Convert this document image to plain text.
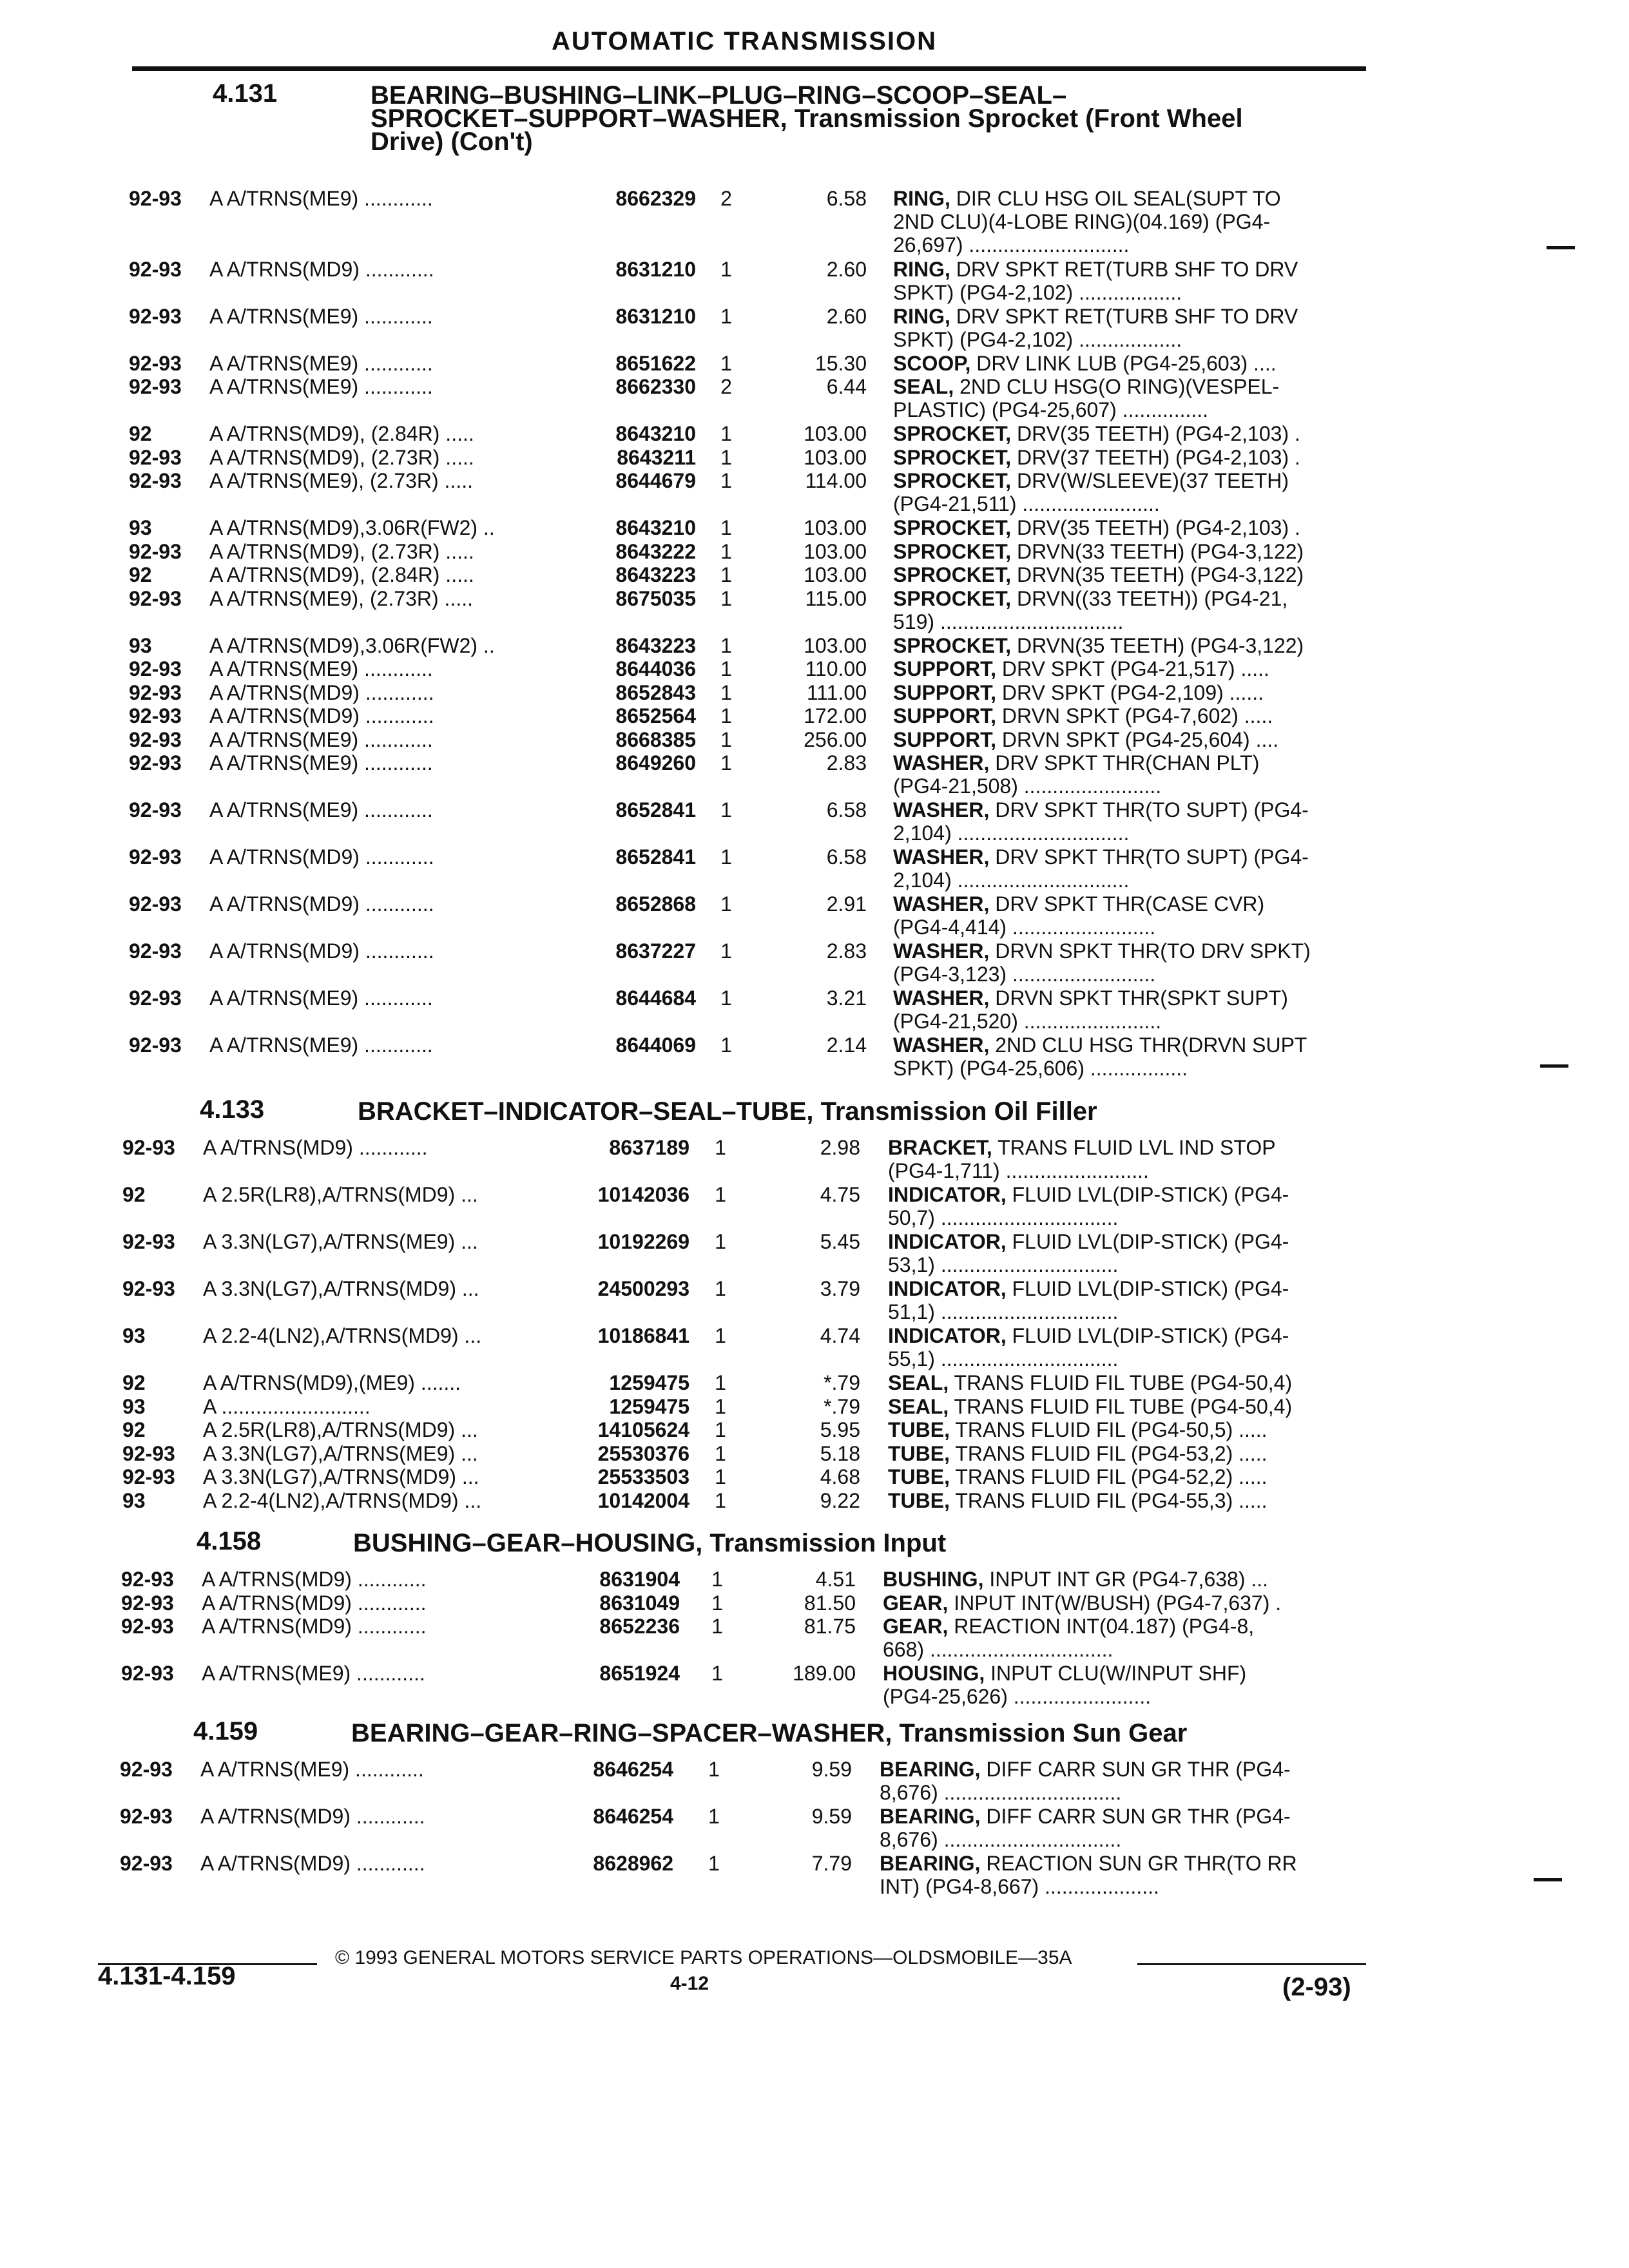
AUTOMATIC TRANSMISSION
4.131	BEARING–BUSHING–LINK–PLUG–RING–SCOOP–SEAL–
SPROCKET–SUPPORT–WASHER, Transmission Sprocket (Front Wheel
Drive) (Con't)
92-93 A A/TRNS(ME9) ............	8662329	2	6.58 RING, DIR CLU HSG OIL SEAL(SUPT TO
2ND CLU)(4-LOBE RING)(04.169) (PG4-
26,697) ............................
92-93 A A/TRNS(MD9) ............	8631210	1	2.60 RING, DRV SPKT RET(TURB SHF TO DRV
SPKT) (PG4-2,102) ..................
92-93 A A/TRNS(ME9) ............	8631210	1	2.60 RING, DRV SPKT RET(TURB SHF TO DRV
SPKT) (PG4-2,102) ..................
92-93 A A/TRNS(ME9) ............	8651622	1	15.30 SCOOP, DRV LINK LUB (PG4-25,603) ....
92-93 A A/TRNS(ME9) ............	8662330	2	6.44 SEAL, 2ND CLU HSG(O RING)(VESPEL-
PLASTIC) (PG4-25,607) ...............
92	A A/TRNS(MD9), (2.84R) .....	8643210	1	103.00 SPROCKET, DRV(35 TEETH) (PG4-2,103) .
92-93 A A/TRNS(MD9), (2.73R) .....	8643211	1	103.00 SPROCKET, DRV(37 TEETH) (PG4-2,103) .
92-93 A A/TRNS(ME9), (2.73R) .....	8644679	1	114.00 SPROCKET, DRV(W/SLEEVE)(37 TEETH)
(PG4-21,511) ........................
93	A A/TRNS(MD9),3.06R(FW2) ..	8643210	1	103.00 SPROCKET, DRV(35 TEETH) (PG4-2,103) .
92-93 A A/TRNS(MD9), (2.73R) .....	8643222	1	103.00 SPROCKET, DRVN(33 TEETH) (PG4-3,122)
92	A A/TRNS(MD9), (2.84R) .....	8643223	1	103.00 SPROCKET, DRVN(35 TEETH) (PG4-3,122)
92-93 A A/TRNS(ME9), (2.73R) .....	8675035	1	115.00 SPROCKET, DRVN((33 TEETH)) (PG4-21,
519) ................................
93	A A/TRNS(MD9),3.06R(FW2) ..	8643223	1	103.00 SPROCKET, DRVN(35 TEETH) (PG4-3,122)
92-93 A A/TRNS(ME9) ............	8644036	1	110.00 SUPPORT, DRV SPKT (PG4-21,517) .....
92-93 A A/TRNS(MD9) ............	8652843	1	111.00 SUPPORT, DRV SPKT (PG4-2,109) ......
92-93 A A/TRNS(MD9) ............	8652564	1	172.00 SUPPORT, DRVN SPKT (PG4-7,602) .....
92-93 A A/TRNS(ME9) ............	8668385	1	256.00 SUPPORT, DRVN SPKT (PG4-25,604) ....
92-93 A A/TRNS(ME9) ............	8649260	1	2.83 WASHER, DRV SPKT THR(CHAN PLT)
(PG4-21,508) ........................
92-93 A A/TRNS(ME9) ............	8652841	1	6.58 WASHER, DRV SPKT THR(TO SUPT) (PG4-
2,104) ..............................
92-93 A A/TRNS(MD9) ............	8652841	1	6.58 WASHER, DRV SPKT THR(TO SUPT) (PG4-
2,104) ..............................
92-93 A A/TRNS(MD9) ............	8652868	1	2.91 WASHER, DRV SPKT THR(CASE CVR)
(PG4-4,414) .........................
92-93 A A/TRNS(MD9) ............	8637227	1	2.83 WASHER, DRVN SPKT THR(TO DRV SPKT)
(PG4-3,123) .........................
92-93 A A/TRNS(ME9) ............	8644684	1	3.21 WASHER, DRVN SPKT THR(SPKT SUPT)
(PG4-21,520) ........................
92-93 A A/TRNS(ME9) ............	8644069	1	2.14 WASHER, 2ND CLU HSG THR(DRVN SUPT
SPKT) (PG4-25,606) .................
4.133	BRACKET–INDICATOR–SEAL–TUBE, Transmission Oil Filler
92-93 A A/TRNS(MD9) ............	8637189	1	2.98 BRACKET, TRANS FLUID LVL IND STOP
(PG4-1,711) .........................
92	A 2.5R(LR8),A/TRNS(MD9) ...	10142036	1	4.75 INDICATOR, FLUID LVL(DIP-STICK) (PG4-
50,7) ...............................
92-93 A 3.3N(LG7),A/TRNS(ME9) ...	10192269	1	5.45 INDICATOR, FLUID LVL(DIP-STICK) (PG4-
53,1) ...............................
92-93 A 3.3N(LG7),A/TRNS(MD9) ...	24500293	1	3.79 INDICATOR, FLUID LVL(DIP-STICK) (PG4-
51,1) ...............................
93	A 2.2-4(LN2),A/TRNS(MD9) ...	10186841	1	4.74 INDICATOR, FLUID LVL(DIP-STICK) (PG4-
55,1) ...............................
92	A A/TRNS(MD9),(ME9) .......	1259475	1	*.79 SEAL, TRANS FLUID FIL TUBE (PG4-50,4)
93	A ..........................	1259475	1	*.79 SEAL, TRANS FLUID FIL TUBE (PG4-50,4)
92	A 2.5R(LR8),A/TRNS(MD9) ...	14105624	1	5.95 TUBE, TRANS FLUID FIL (PG4-50,5) .....
92-93 A 3.3N(LG7),A/TRNS(ME9) ...	25530376	1	5.18 TUBE, TRANS FLUID FIL (PG4-53,2) .....
92-93 A 3.3N(LG7),A/TRNS(MD9) ...	25533503	1	4.68 TUBE, TRANS FLUID FIL (PG4-52,2) .....
93	A 2.2-4(LN2),A/TRNS(MD9) ...	10142004	1	9.22 TUBE, TRANS FLUID FIL (PG4-55,3) .....
4.158	BUSHING–GEAR–HOUSING, Transmission Input
92-93 A A/TRNS(MD9) ............	8631904	1	4.51 BUSHING, INPUT INT GR (PG4-7,638) ...
92-93 A A/TRNS(MD9) ............	8631049	1	81.50 GEAR, INPUT INT(W/BUSH) (PG4-7,637) .
92-93 A A/TRNS(MD9) ............	8652236	1	81.75 GEAR, REACTION INT(04.187) (PG4-8,
668) ................................
92-93 A A/TRNS(ME9) ............	8651924	1	189.00 HOUSING, INPUT CLU(W/INPUT SHF)
(PG4-25,626) ........................
4.159	BEARING–GEAR–RING–SPACER–WASHER, Transmission Sun Gear
92-93 A A/TRNS(ME9) ............	8646254	1	9.59 BEARING, DIFF CARR SUN GR THR (PG4-
8,676) ...............................
92-93 A A/TRNS(MD9) ............	8646254	1	9.59 BEARING, DIFF CARR SUN GR THR (PG4-
8,676) ...............................
92-93 A A/TRNS(MD9) ............	8628962	1	7.79 BEARING, REACTION SUN GR THR(TO RR
INT) (PG4-8,667) ....................
© 1993 GENERAL MOTORS SERVICE PARTS OPERATIONS—OLDSMOBILE—35A
4.131-4.159	4-12	(2-93)
